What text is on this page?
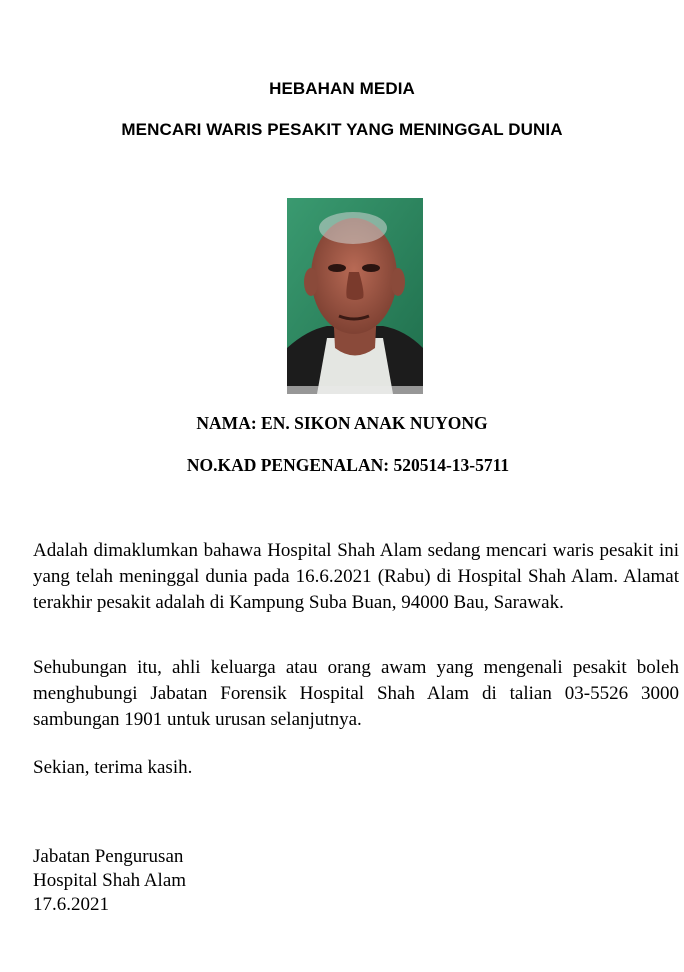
HEBAHAN MEDIA
MENCARI WARIS PESAKIT YANG MENINGGAL DUNIA
NAMA: EN. SIKON ANAK NUYONG
NO.KAD PENGENALAN: 520514-13-5711

Adalah dimaklumkan bahawa Hospital Shah Alam sedang mencari waris pesakit ini yang telah meninggal dunia pada 16.6.2021 (Rabu) di Hospital Shah Alam. Alamat terakhir pesakit adalah di Kampung Suba Buan, 94000 Bau, Sarawak.

Sehubungan itu, ahli keluarga atau orang awam yang mengenali pesakit boleh menghubungi Jabatan Forensik Hospital Shah Alam di talian 03-5526 3000 sambungan 1901 untuk urusan selanjutnya.

Sekian, terima kasih.

Jabatan Pengurusan
Hospital Shah Alam
17.6.2021
